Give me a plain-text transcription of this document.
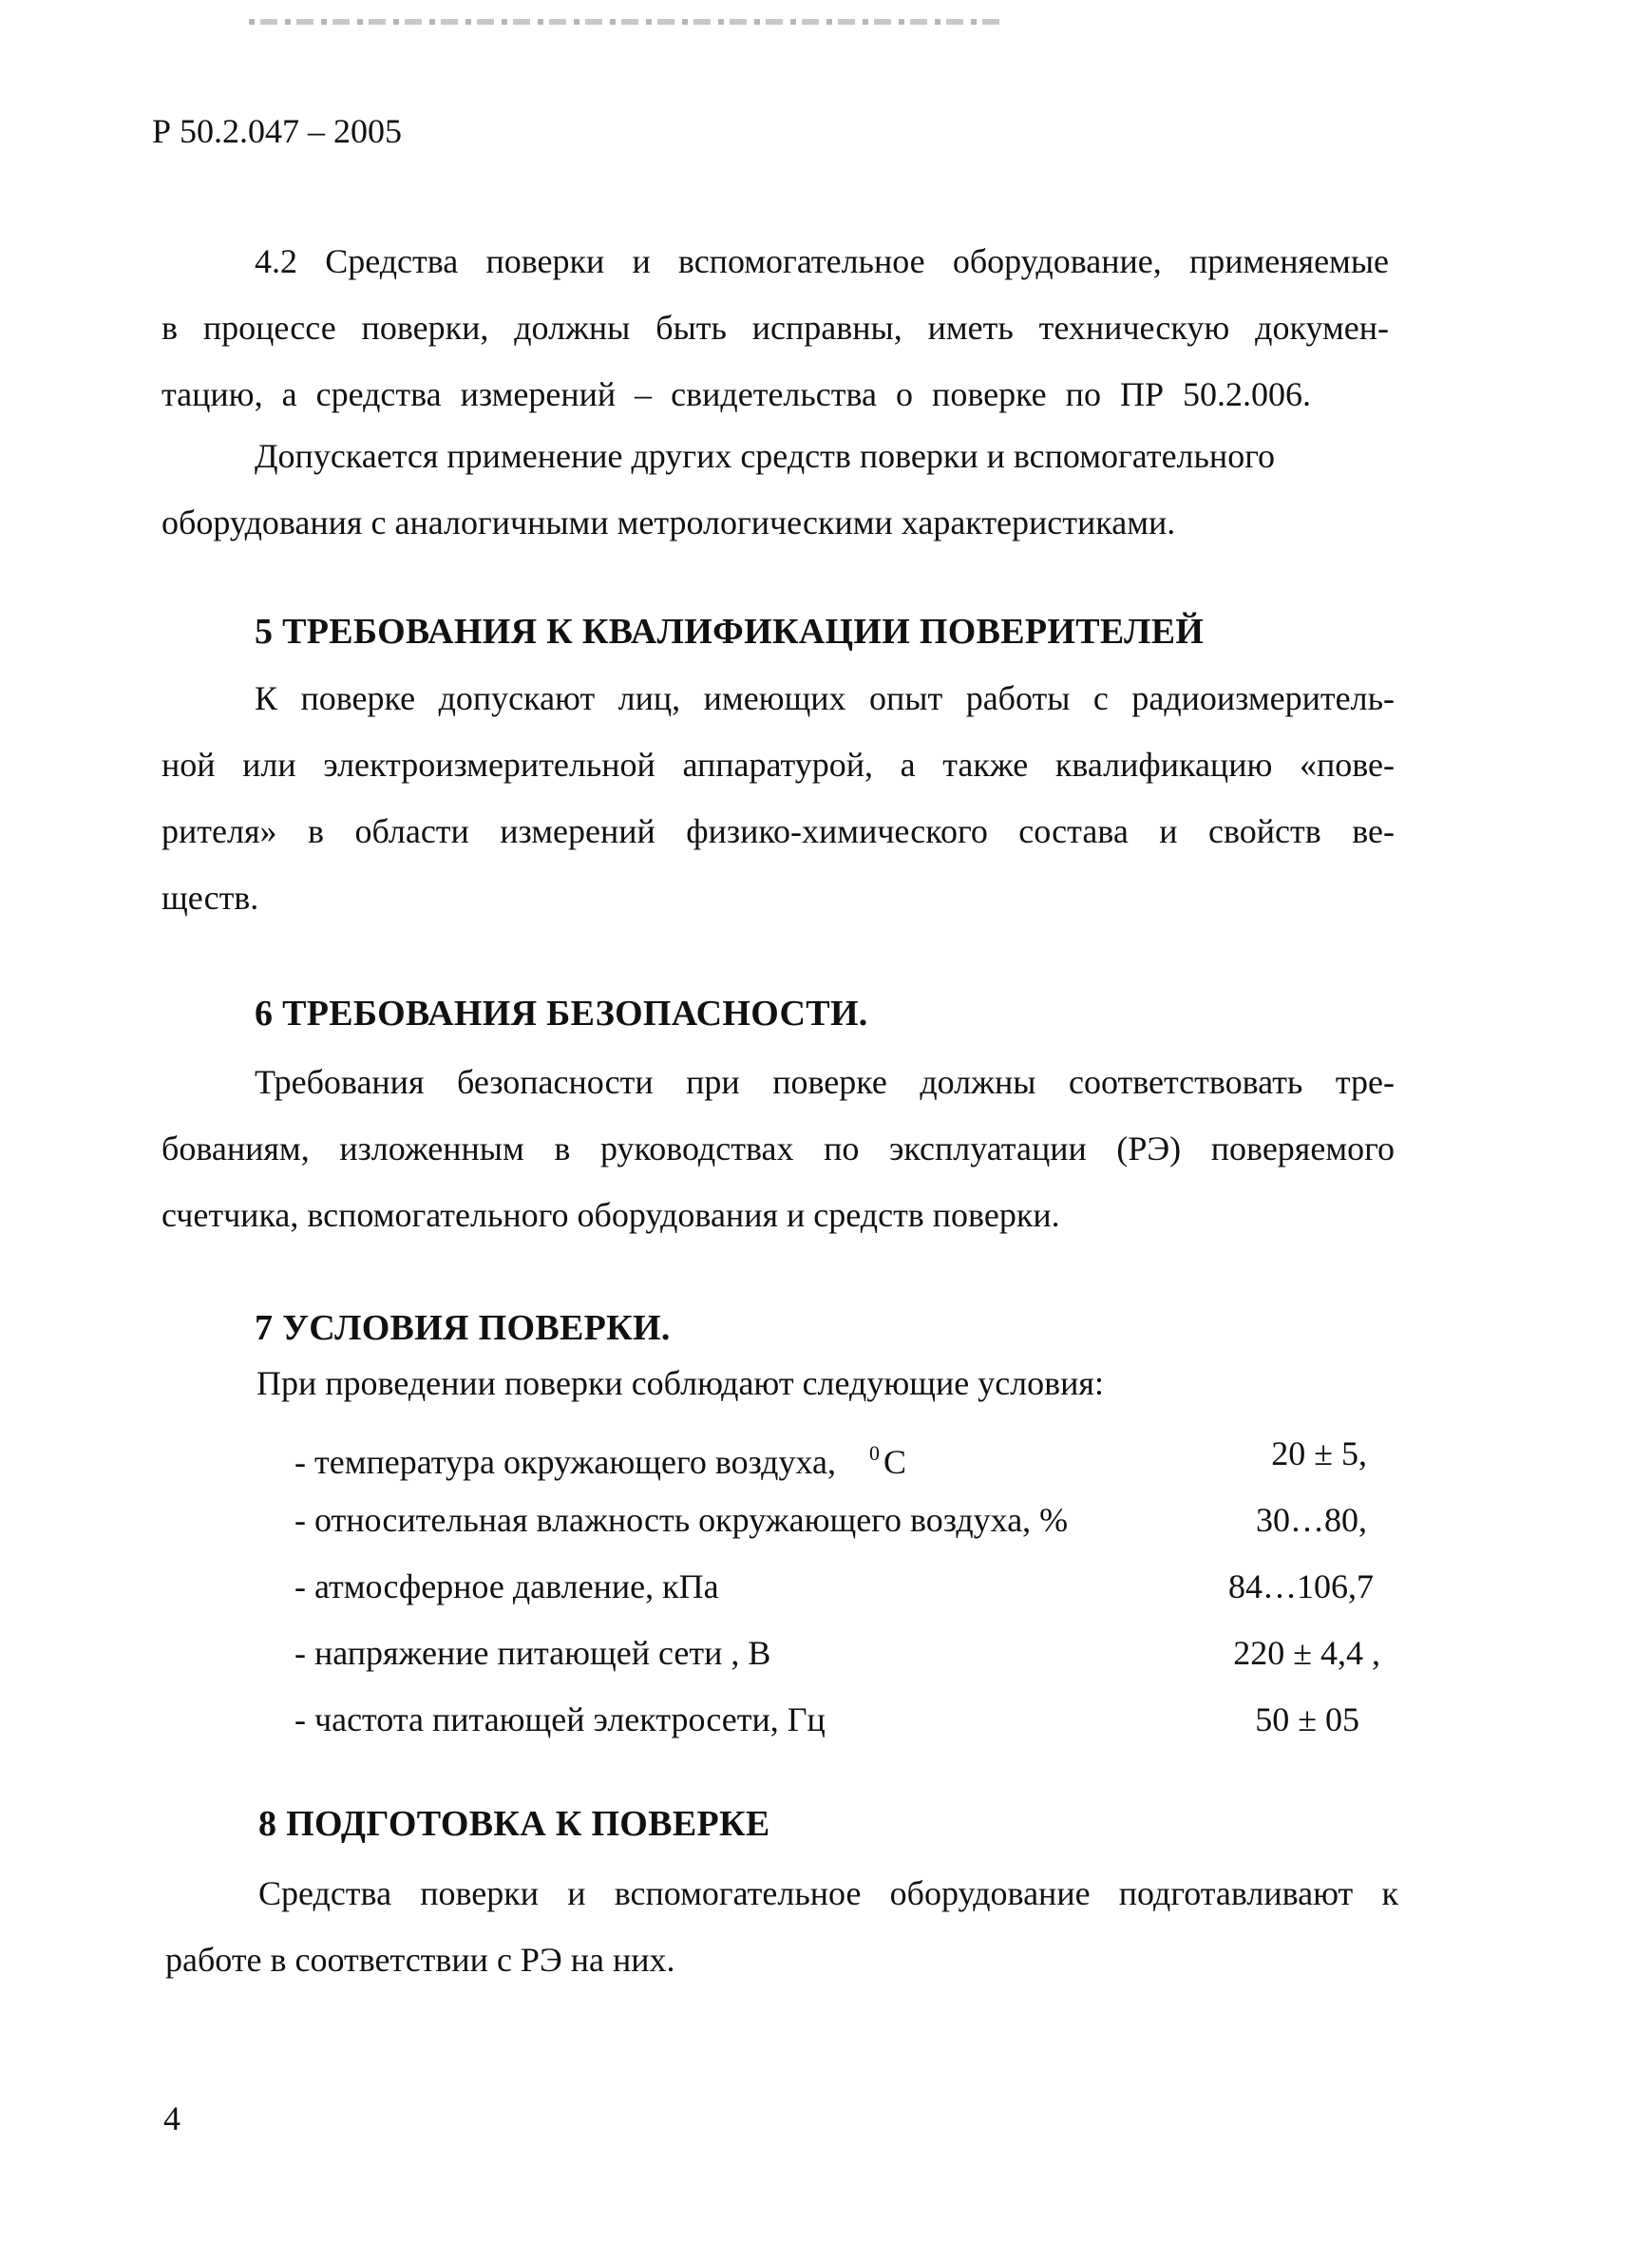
Р 50.2.047 – 2005
4.2 Средства поверки и вспомогательное оборудование, применяемые
в процессе поверки, должны быть исправны, иметь техническую докумен-
тацию, а средства измерений – свидетельства о поверке по ПР 50.2.006.
Допускается применение других средств поверки и вспомогательного
оборудования с аналогичными метрологическими характеристиками.
5 ТРЕБОВАНИЯ К КВАЛИФИКАЦИИ ПОВЕРИТЕЛЕЙ
К поверке допускают лиц, имеющих опыт работы с радиоизмеритель-
ной или электроизмерительной аппаратурой, а также квалификацию «пове-
рителя» в области измерений физико-химического состава и свойств ве-
ществ.
6 ТРЕБОВАНИЯ БЕЗОПАСНОСТИ.
Требования безопасности при поверке должны соответствовать тре-
бованиям, изложенным в руководствах по эксплуатации (РЭ) поверяемого
счетчика, вспомогательного оборудования и средств поверки.
7 УСЛОВИЯ ПОВЕРКИ.
При проведении поверки соблюдают следующие условия:
- температура окружающего воздуха, $^0$ С	20 ± 5,
- относительная влажность окружающего воздуха, %	30…80,
- атмосферное давление, кПа	84…106,7
- напряжение питающей сети , В	220 ± 4,4 ,
- частота питающей электросети, Гц	50 ± 05
8 ПОДГОТОВКА К ПОВЕРКЕ
Средства поверки и вспомогательное оборудование подготавливают к
работе в соответствии с РЭ на них.
4
